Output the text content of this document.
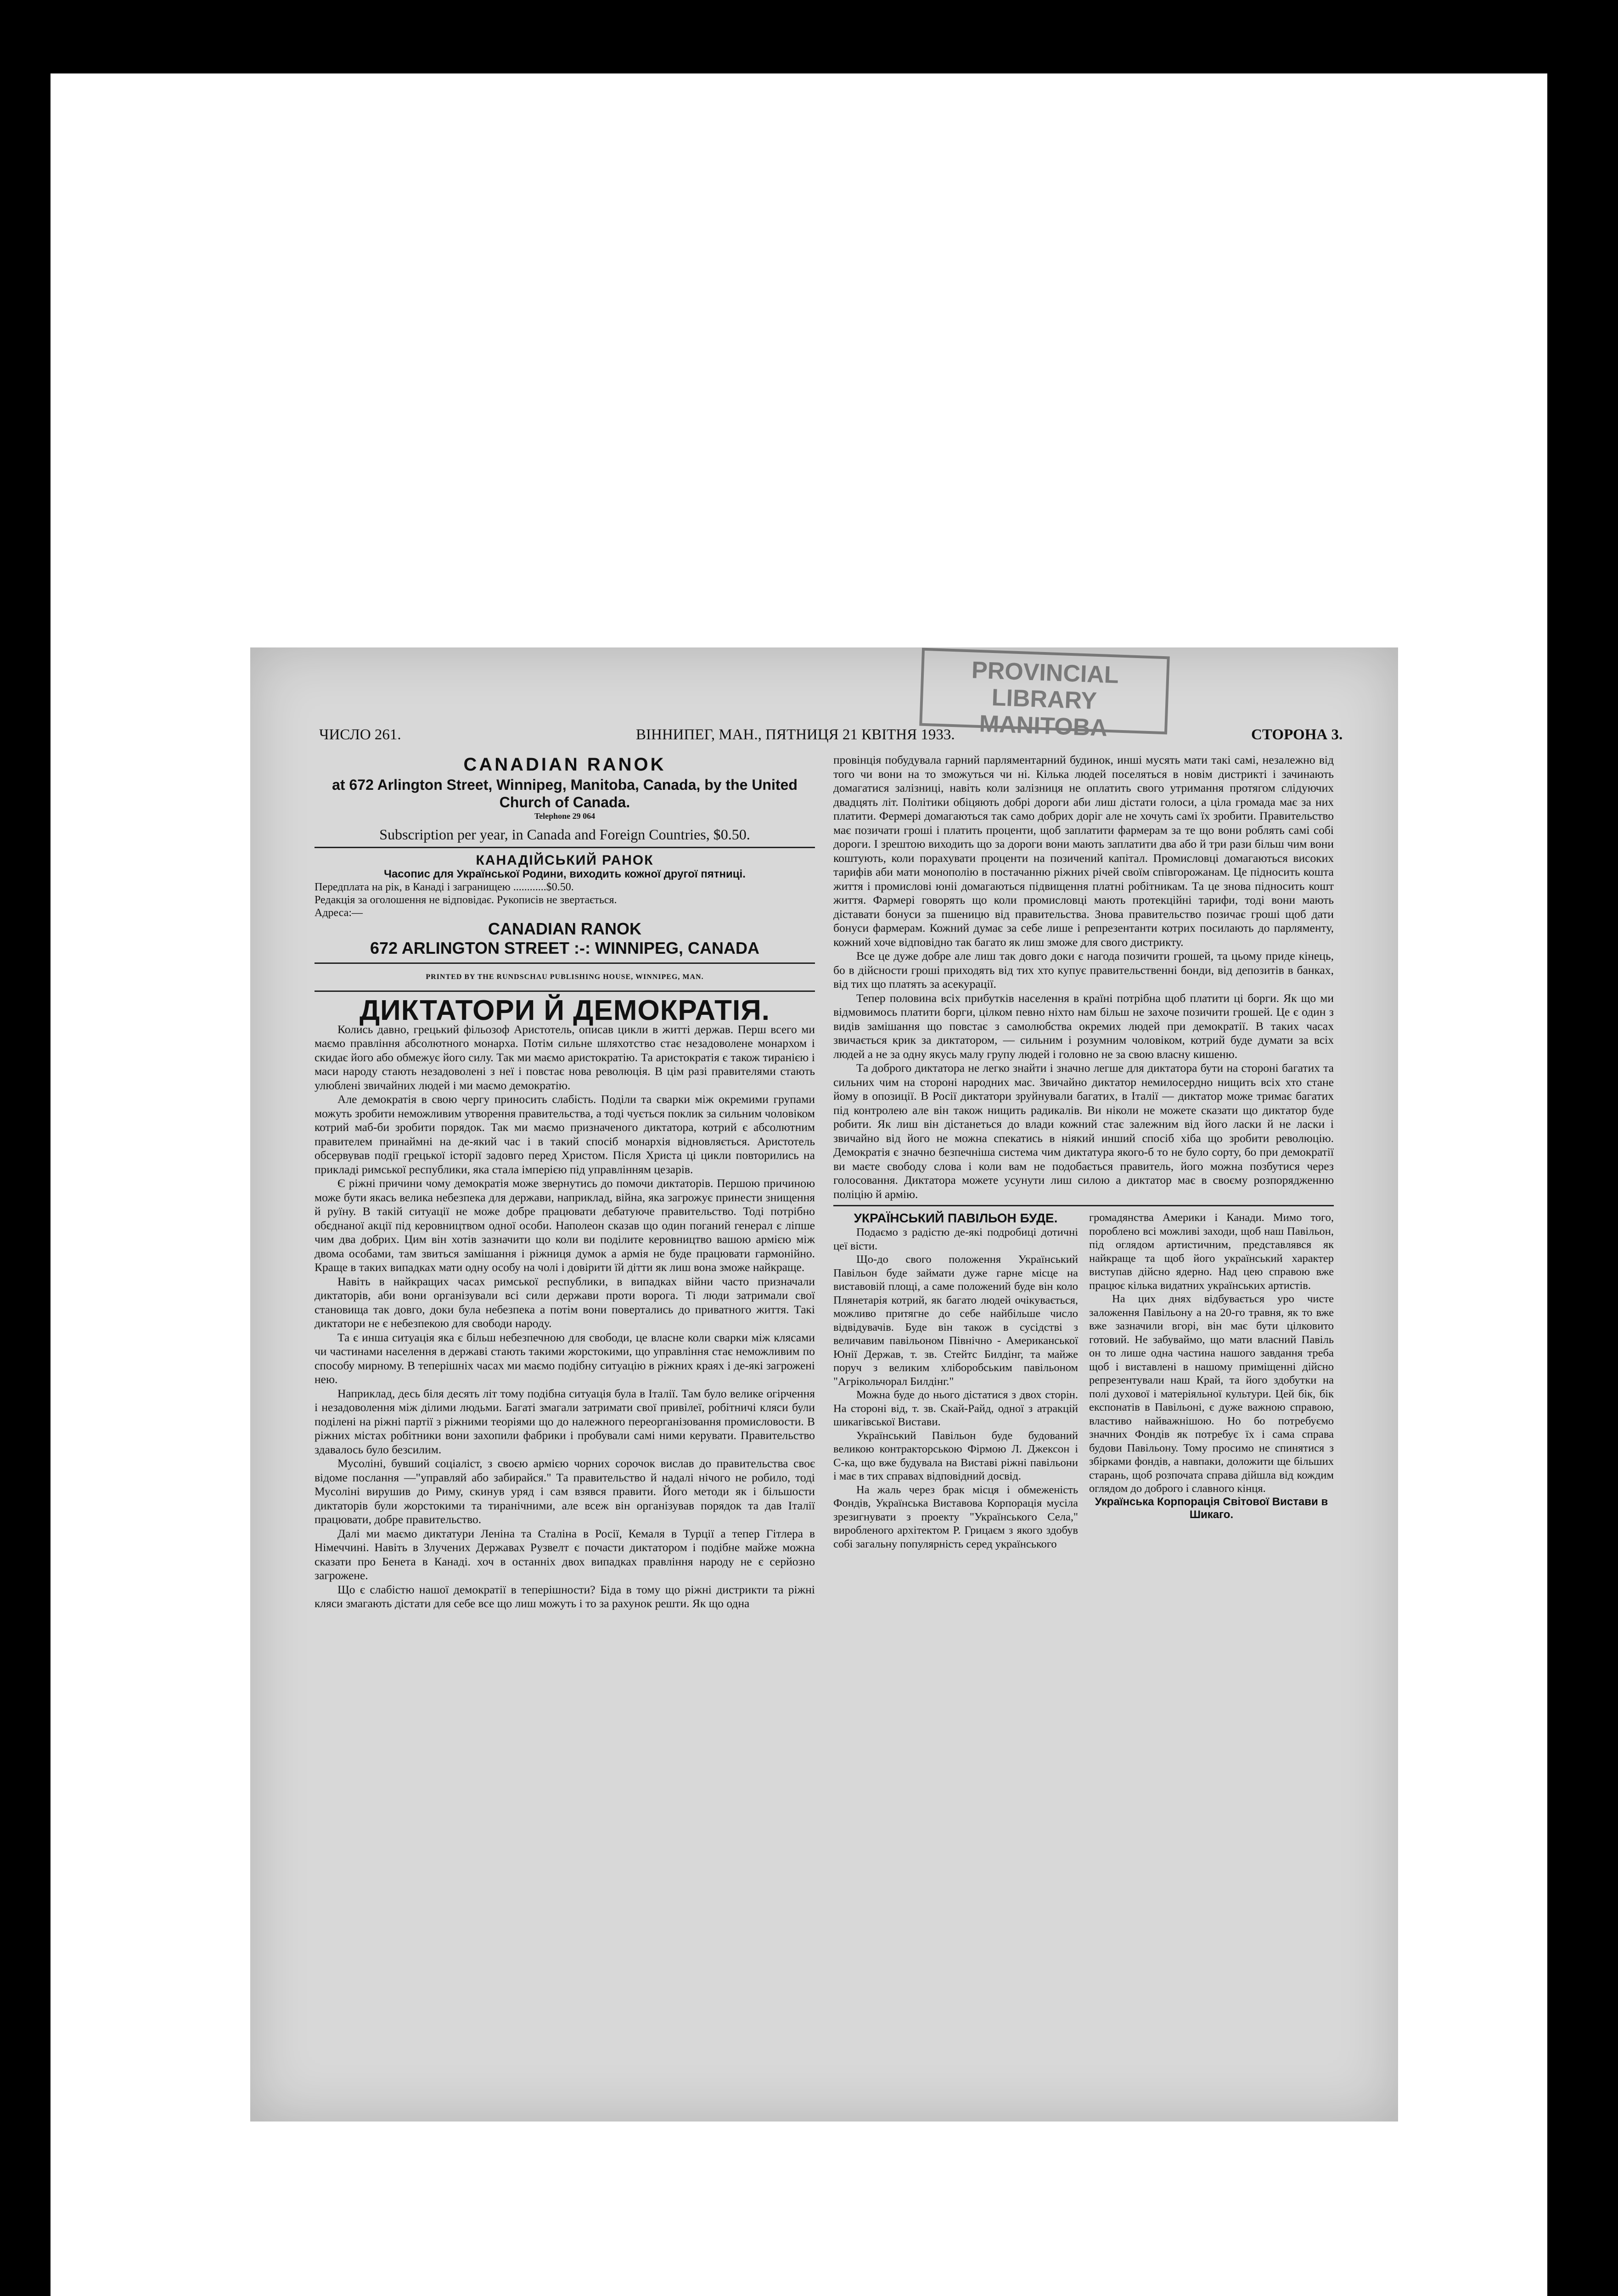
PROVINCIAL
LIBRARY
MANITOBA
ЧИСЛО 261.	ВІННИПЕГ, МАН., ПЯТНИЦЯ 21 КВІТНЯ 1933.	СТОРОНА 3.
CANADIAN RANOK
at 672 Arlington Street, Winnipeg, Manitoba, Canada, by the United Church of Canada.
Telephone 29 064
Subscription per year, in Canada and Foreign Countries, $0.50.
КАНАДІЙСЬКИЙ РАНОК
Часопис для Української Родини, виходить кожної другої пятниці.
Передплата на рік, в Канаді і загранищею ............$0.50.
Редакція за оголошення не відповідає. Рукописів не звертається.
Адреса:—
CANADIAN RANOK
672 ARLINGTON STREET :-: WINNIPEG, CANADA
PRINTED BY THE RUNDSCHAU PUBLISHING HOUSE, WINNIPEG, MAN.
ДИКТАТОРИ Й ДЕМОКРАТІЯ.

Колись давно, грецький фільозоф Аристотель, описав цикли в житті держав. Перш всего ми маємо правління абсолютного монарха. Потім сильне шляхотство стає незадоволене монархом і скидає його або обмежує його силу. Так ми маємо аристократію. Та аристократія є також тиранією і маси народу стають незадоволені з неї і повстає нова революція. В цім разі правителями стають улюблені звичайних людей і ми маємо демократію.

Але демократія в свою чергу приносить слабість. Поділи та сварки між окремими групами можуть зробити неможливим утворення правительства, а тоді чується поклик за сильним чоловіком котрий маб-би зробити порядок. Так ми маємо призначеного диктатора, котрий є абсолютним правителем принаймні на де-який час і в такий спосіб монархія відновляється. Аристотель обсервував події грецької історії задовго перед Христом. Після Христа ці цикли повторились на прикладі римської республики, яка стала імперією під управлінням цезарів.

Є ріжні причини чому демократія може звернутись до помочи диктаторів. Першою причиною може бути якась велика небезпека для держави, наприклад, війна, яка загрожує принести знищення й руїну. В такій ситуації не може добре працювати дебатуюче правительство. Тоді потрібно обєднаної акції під керовництвом одної особи. Наполеон сказав що один поганий генерал є ліпше чим два добрих. Цим він хотів зазначити що коли ви поділите керовництво вашою армією між двома особами, там звиться замішання і ріжниця думок а армія не буде працювати гармонійно. Краще в таких випадках мати одну особу на чолі і довірити їй дітти як лиш вона зможе найкраще.

Навіть в найкращих часах римської республики, в випадках війни часто призначали диктаторів, аби вони організували всі сили держави проти ворога. Ті люди затримали свої становища так довго, доки була небезпека а потім вони повертались до приватного життя. Такі диктатори не є небезпекою для свободи народу.

Та є инша ситуація яка є більш небезпечною для свободи, це власне коли сварки між клясами чи частинами населення в державі стають такими жорстокими, що управління стає неможливим по способу мирному. В теперішніх часах ми маємо подібну ситуацію в ріжних краях і де-які загрожені нею.

Наприклад, десь біля десять літ тому подібна ситуація була в Італії. Там було велике огірчення і незадоволення між ділими людьми. Багаті змагали затримати свої привілеї, робітничі кляси були поділені на ріжні партії з ріжними теоріями що до належного переорганізовання промисловости. В ріжних містах робітники вони захопили фабрики і пробували самі ними керувати. Правительство здавалось було безсилим.

Мусоліні, бувший соціаліст, з своєю армією чорних сорочок вислав до правительства своє відоме послання —"управляй або забирайся." Та правительство й надалі нічого не робило, тоді Мусоліні вирушив до Риму, скинув уряд і сам взявся правити. Його методи як і більшости диктаторів були жорстокими та тиранічними, але всеж він організував порядок та дав Італії працювати, добре правительство.

Далі ми маємо диктатури Леніна та Сталіна в Росії, Кемаля в Турції а тепер Гітлера в Німеччині. Навіть в Злучених Державах Рузвелт є почасти диктатором і подібне майже можна сказати про Бенета в Канаді. хоч в останніх двох випадках правління народу не є серйозно загрожене.

Що є слабістю нашої демократії в теперішности? Біда в тому що ріжні дистрикти та ріжні кляси змагають дістати для себе все що лиш можуть і то за рахунок решти. Як що одна

провінція побудувала гарний парляментарний будинок, инші мусять мати такі самі, незалежно від того чи вони на то зможуться чи ні. Кілька людей поселяться в новім дистрикті і зачинають домагатися залізниці, навіть коли залізниця не оплатить свого утримання протягом слідуючих двадцять літ. Політики обіцяють добрі дороги аби лиш дістати голоси, а ціла громада має за них платити. Фермері домагаються так само добрих доріг але не хочуть самі їх зробити. Правительство має позичати гроші і платить проценти, щоб заплатити фармерам за те що вони роблять самі собі дороги. І зрештою виходить що за дороги вони мають заплатити два або й три рази більш чим вони коштують, коли порахувати проценти на позичений капітал. Промисловці домагаються високих тарифів аби мати монополію в постачанню ріжних річей своїм співгорожанам. Це підносить кошта життя і промислові юніі домагаються підвищення платні робітникам. Та це знова підносить кошт життя. Фармері говорять що коли промисловці мають протекційні тарифи, тоді вони мають діставати бонуси за пшеницю від правительства. Знова правительство позичає гроші щоб дати бонуси фармерам. Кожний думає за себе лише і репрезентанти котрих посилають до парляменту, кожний хоче відповідно так багато як лиш зможе для свого дистрикту.

Все це дуже добре але лиш так довго доки є нагода позичити грошей, та цьому приде кінець, бо в дійсности гроші приходять від тих хто купує правительственні бонди, від депозитів в банках, від тих що платять за асекурації.

Тепер половина всіх прибутків населення в країні потрібна щоб платити ці борги. Як що ми відмовимось платити борги, цілком певно ніхто нам більш не захоче позичити грошей. Це є один з видів замішання що повстає з самолюбства окремих людей при демократії. В таких часах звичається крик за диктатором, — сильним і розумним чоловіком, котрий буде думати за всіх людей а не за одну якусь малу групу людей і головно не за свою власну кишеню.

Та доброго диктатора не легко знайти і значно легше для диктатора бути на стороні багатих та сильних чим на стороні народних мас. Звичайно диктатор немилосердно нищить всіх хто стане йому в опозиції. В Росії диктатори зруйнували багатих, в Італії — диктатор може тримає багатих під контролею але він також нищить радикалів. Ви ніколи не можете сказати що диктатор буде робити. Як лиш він дістанеться до влади кожний стає залежним від його ласки й не ласки і звичайно від його не можна спекатись в ніякий инший спосіб хіба що зробити революцію. Демократія є значно безпечніша система чим диктатура якого-б то не було сорту, бо при демократії ви маєте свободу слова і коли вам не подобається правитель, його можна позбутися через голосовання. Диктатора можете усунути лиш силою а диктатор має в своєму розпорядженню поліцію й армію.

УКРАЇНСЬКИЙ ПАВІЛЬОН БУДЕ.

Подаємо з радістю де-які подробиці дотичні цеї вісти.

Що-до свого положення Український Павільон буде займати дуже гарне місце на виставовій площі, а саме положений буде він коло Плянетарія котрий, як багато людей очікувається, можливо притягне до себе найбільше число відвідувачів. Буде він також в сусідстві з величавим павільоном Північно - Американської Юнії Держав, т. зв. Стейтс Билдінг, та майже поруч з великим хліборобським павільоном "Агрікольчорал Билдінг."

Можна буде до нього дістатися з двох сторін. На стороні від, т. зв. Скай-Райд, одної з атракцій шикагівської Вистави.

Український Павільон буде будований великою контракторською Фірмою Л. Джексон і С-ка, що вже будувала на Виставі ріжні павільони і має в тих справах відповідний досвід.

На жаль через брак місця і обмеженість Фондів, Українська Виставова Корпорація мусіла зрезигнувати з проекту "Українського Села," виробленого архітектом Р. Грицаєм з якого здобув собі загальну популярність серед українського

громадянства Америки і Канади. Мимо того, пороблено всі можливі заходи, щоб наш Павільон, під оглядом артистичним, представлявся як найкраще та щоб його український характер виступав дійсно ядерно. Над цею справою вже працює кілька видатних українських артистів.

На цих днях відбувається уро чисте заложення Павільону а на 20-го травня, як то вже вже зазначили вгорі, він має бути цілковито готовий. Не забуваймо, що мати власний Павіль он то лише одна частина нашого завдання треба щоб і виставлені в нашому приміщенні дійсно репрезентували наш Край, та його здобутки на полі духової і матеріяльної культури. Цей бік, бік експонатів в Павільоні, є дуже важною справою, властиво найважнішою. Но бо потребуємо значних Фондів як потребує їх і сама справа будови Павільону. Тому просимо не спинятися з збірками фондів, а навпаки, доложити ще більших старань, щоб розпочата справа дійшла від кождим оглядом до доброго і славного кінця.

Українська Корпорація Світової Вистави в Шикаго.
